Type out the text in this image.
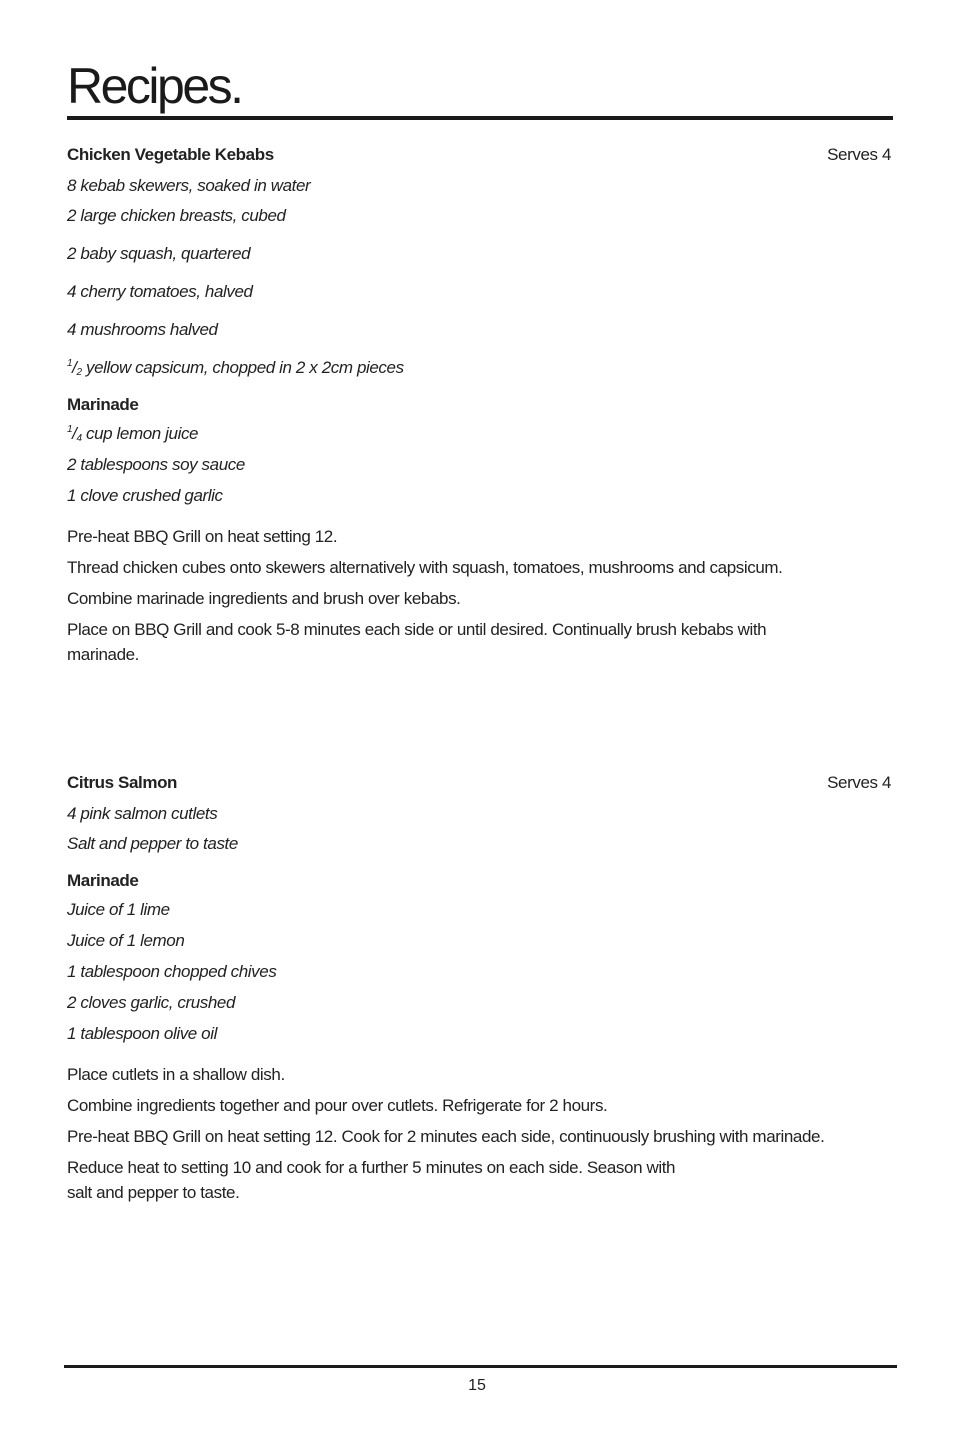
Recipes.
Chicken Vegetable Kebabs	Serves 4
8 kebab skewers, soaked in water
2 large chicken breasts, cubed
2 baby squash, quartered
4 cherry tomatoes, halved
4 mushrooms halved
$^1/_2$ yellow capsicum, chopped in 2 x 2cm pieces
Marinade
$^1/_4$ cup lemon juice
2 tablespoons soy sauce
1 clove crushed garlic

Pre-heat BBQ Grill on heat setting 12.

Thread chicken cubes onto skewers alternatively with squash, tomatoes, mushrooms and capsicum.

Combine marinade ingredients and brush over kebabs.

Place on BBQ Grill and cook 5-8 minutes each side or until desired. Continually brush kebabs with
marinade.

Citrus Salmon	Serves 4
4 pink salmon cutlets
Salt and pepper to taste
Marinade
Juice of 1 lime
Juice of 1 lemon
1 tablespoon chopped chives
2 cloves garlic, crushed
1 tablespoon olive oil

Place cutlets in a shallow dish.

Combine ingredients together and pour over cutlets. Refrigerate for 2 hours.

Pre-heat BBQ Grill on heat setting 12. Cook for 2 minutes each side, continuously brushing with marinade.

Reduce heat to setting 10 and cook for a further 5 minutes on each side. Season with
salt and pepper to taste.

15
